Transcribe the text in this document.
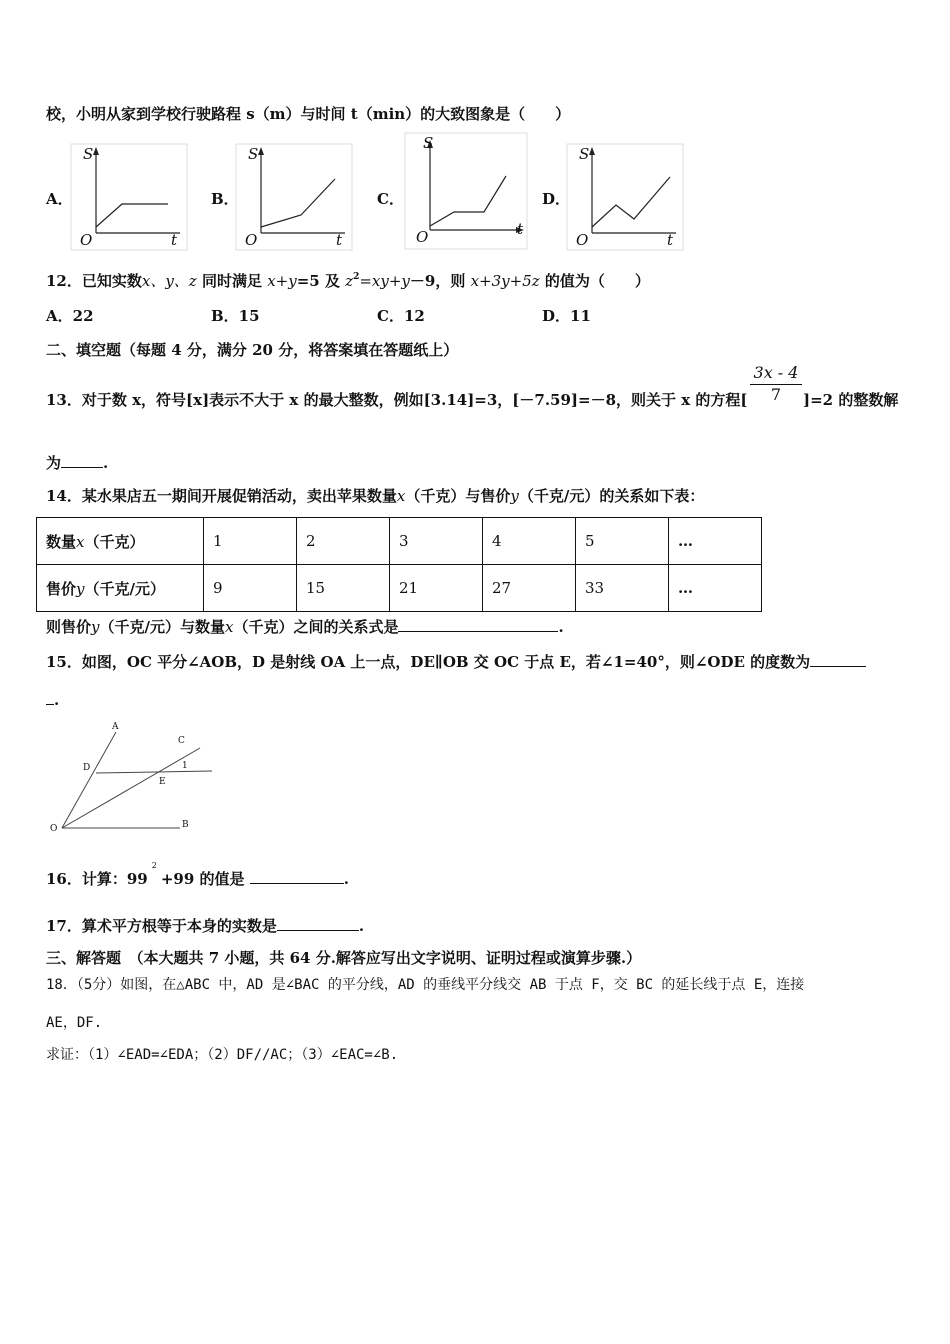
校，小明从家到学校行驶路程 s（m）与时间 t（min）的大致图象是（　　）
A．
S
O	t
B．
S
O	t
C．
S
O	t
D．
S
O	t
12．已知实数x、y、z 同时满足 x+y=5 及 $z^2=xy+y-9$，则 x+3y+5z 的值为（　　）
A．22	B．15	C．12	D．11
二、填空题（每题 4 分，满分 20 分，将答案填在答题纸上）
3x - 4
7
13．对于数 x，符号[x]表示不大于 x 的最大整数，例如[3.14]=3，[－7.59]=－8，则关于 x 的方程[	]=2 的整数解
为	.
14．某水果店五一期间开展促销活动，卖出苹果数量x（千克）与售价y（千克/元）的关系如下表：
数量x（千克）	1	2	3	4	5	…
售价y（千克/元）	9	15	21	27	33	…
则售价y（千克/元）与数量x（千克）之间的关系式是	.
15．如图，OC 平分∠AOB，D 是射线 OA 上一点，DE∥OB 交 OC 于点 E，若∠1=40°，则∠ODE 的度数为
.
A
C
D	1
E
O	B
16．计算：$99^2+99$ 的值是	.
17．算术平方根等于本身的实数是	.
三、解答题　（本大题共 7 小题，共 64 分.解答应写出文字说明、证明过程或演算步骤.）
18．（5分）如图，在△ABC 中，AD 是∠BAC 的平分线，AD 的垂线平分线交 AB 于点 F，交 BC 的延长线于点 E，连接
AE，DF.
求证：（1）∠EAD=∠EDA；（2）DF//AC；（3）∠EAC=∠B.
